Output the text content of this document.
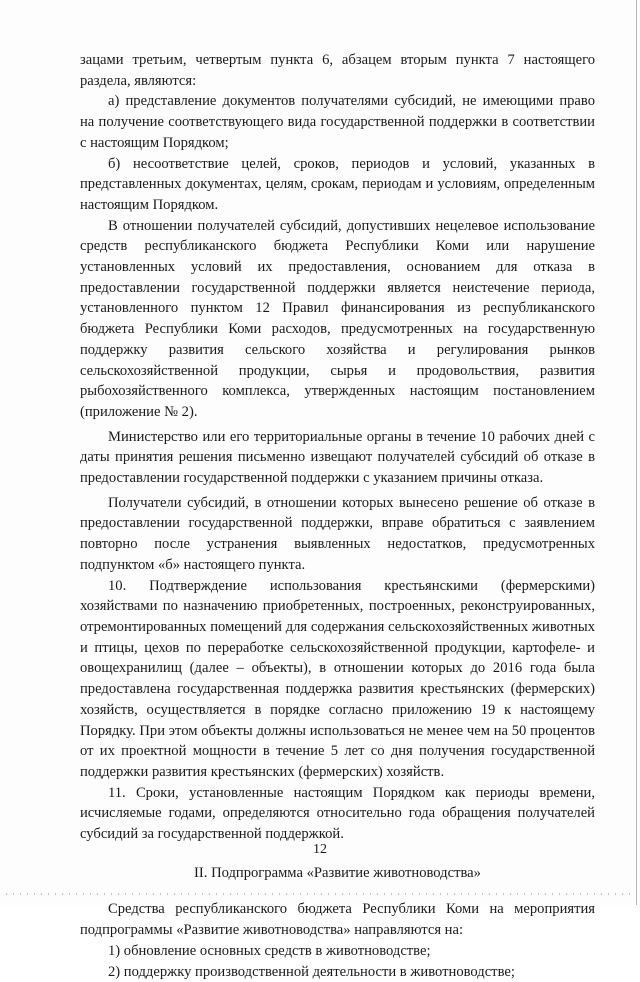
зацами третьим, четвертым пункта 6, абзацем вторым пункта 7 настоящего раздела, являются:

а) представление документов получателями субсидий, не имеющими право на получение соответствующего вида государственной поддержки в соответствии с настоящим Порядком;

б) несоответствие целей, сроков, периодов и условий, указанных в представленных документах, целям, срокам, периодам и условиям, определенным настоящим Порядком.

В отношении получателей субсидий, допустивших нецелевое использование средств республиканского бюджета Республики Коми или нарушение установленных условий их предоставления, основанием для отказа в предоставлении государственной поддержки является неистечение периода, установленного пунктом 12 Правил финансирования из республиканского бюджета Республики Коми расходов, предусмотренных на государственную поддержку развития сельского хозяйства и регулирования рынков сельскохозяйственной продукции, сырья и продовольствия, развития рыбохозяйственного комплекса, утвержденных настоящим постановлением (приложение № 2).

Министерство или его территориальные органы в течение 10 рабочих дней с даты принятия решения письменно извещают получателей субсидий об отказе в предоставлении государственной поддержки с указанием причины отказа.

Получатели субсидий, в отношении которых вынесено решение об отказе в предоставлении государственной поддержки, вправе обратиться с заявлением повторно после устранения выявленных недостатков, предусмотренных подпунктом «б» настоящего пункта.

10. Подтверждение использования крестьянскими (фермерскими) хозяйствами по назначению приобретенных, построенных, реконструированных, отремонтированных помещений для содержания сельскохозяйственных животных и птицы, цехов по переработке сельскохозяйственной продукции, картофеле- и овощехранилищ (далее – объекты), в отношении которых до 2016 года была предоставлена государственная поддержка развития крестьянских (фермерских) хозяйств, осуществляется в порядке согласно приложению 19 к настоящему Порядку. При этом объекты должны использоваться не менее чем на 50 процентов от их проектной мощности в течение 5 лет со дня получения государственной поддержки развития крестьянских (фермерских) хозяйств.

11. Сроки, установленные настоящим Порядком как периоды времени, исчисляемые годами, определяются относительно года обращения получателей субсидий за государственной поддержкой.

II. Подпрограмма «Развитие животноводства»

Средства республиканского бюджета Республики Коми на мероприятия подпрограммы «Развитие животноводства» направляются на:

1) обновление основных средств в животноводстве;

2) поддержку производственной деятельности в животноводстве;

12
